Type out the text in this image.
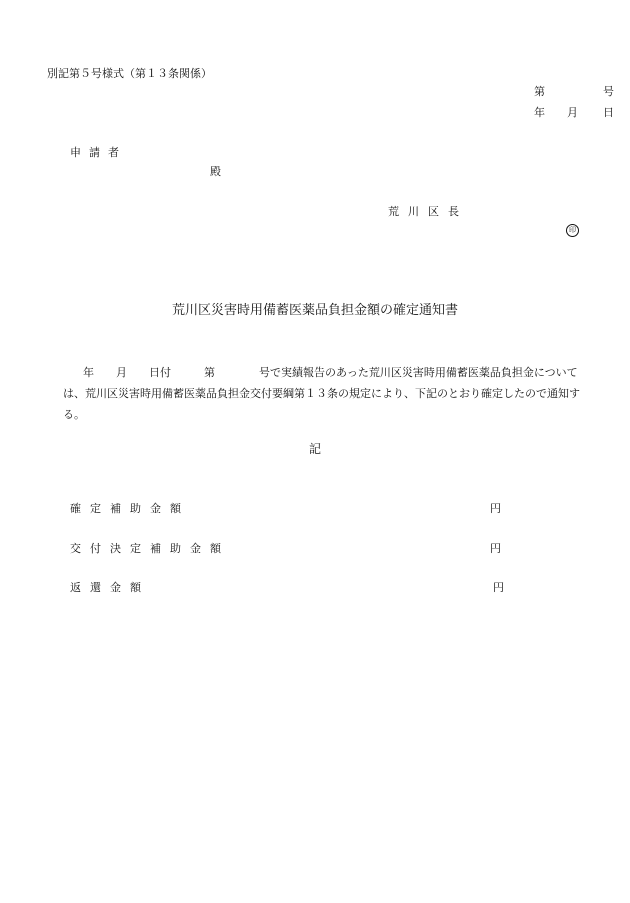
別記第５号様式（第１３条関係）
第	号
年 月 日
申請者
殿
荒川区長
印
荒川区災害時用備蓄医薬品負担金額の確定通知書
年　　月　　日付　　　第　　　　号で実績報告のあった荒川区災害時用備蓄医薬品負担金について
は、荒川区災害時用備蓄医薬品負担金交付要綱第１３条の規定により、下記のとおり確定したので通知す
る。
記
確定補助金額	円
交付決定補助金額	円
返還金額	円
